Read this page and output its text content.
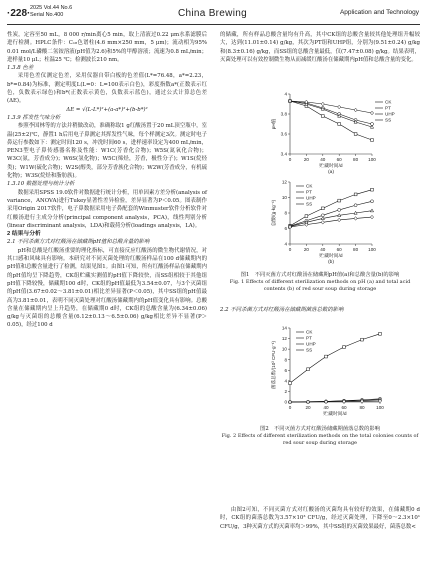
·228· 2025 Vol.44 No.6
Serial No.400	China Brewing	Application and Technology

性炭，定容至50 mL，8 000 r/min离心5 min，取上清液过0.22 μm水系滤膜后进行检测。HPLC条件：C₁₈色谱柱(4.6 mm×250 mm，5 μm)；流动相为95% 0.01 mol/L磷酸二氢铵溶液(pH值为2.6)和5%的甲醇溶液；流速为0.8 mL/min；进样量10 μL；柱温25 ℃；检测波长210 nm。

1.3.8 色差

采用色差仪测定色差，采用仪器自带白板的色差值(L*=76.48，a*=2.23，b*=0.84)为标准，测定明度L(L=0：L=100表示白色)，彩度指数a*(正数表示红色，负数表示绿色)和b*(正数表示黄色，负数表示蓝色)，通过公式计算总色差(ΔE)。

ΔE = √(L-L*)²+(a-a*)²+(b-b*)²

1.3.9 挥发性气味分析

参照李国林等的方法并稍做改动，准确称取1 g红酸汤置于20 mL顶空瓶中，室温(25±2)℃，静置1 h后用电子鼻测定其挥发性气味，每个样测定3次。测定时电子鼻运行参数如下：测定时间120 s，冲洗时间60 s，进样速率设定为400 mL/min，PEN3型电子鼻传感器名称及性能：W1C(芳香化合物)；W5S(氮氧化合物)；W3C(氨，芳香成分)；W6S(氢化物)；W5C(烯烃，芳香，极性分子)；W1S(烷烃类)；W1W(硫化合物)；W2S(醇类，部分芳香族化合物)；W2W(芳香成分，有机硫化物)；W3S(烷烃和脂肪族)。

1.3.10 数据处理与统计分析

数据采用SPSS 19.0软件对数据进行统计分析，用单因素方差分析(analysis of variance，ANOVA)进行Tukey显著性差异检验，差异显著为P＜0.05。图表制作采用Origin 2017软件，电子鼻数据采用电子鼻配套的Winmuster软件分析软件对红酸汤进行主成分分析(principal component analysis，PCA)，线性判别分析(linear discriminant analysis，LDA)和载荷分析(loadings analysis，LA)。

2 结果与分析

2.1 不同杀菌方式对红酸汤在储藏期pH值和总酸含量的影响

pH和总酸是红酸汤重要的理化指标，可直接反应红酸汤的微生物代谢情况，对其口感和风味具有影响。本研究对不同灭菌处理的红酸汤样品在100 d储藏期内的pH值和总酸含量进行了检测，结果见图1。由图1可知，所有红酸汤样品在储藏期内的pH值均呈下降趋势，CK组贮藏实测值的pH值下降较快，而SS组相较于其他组pH值下降较慢，储藏期100 d时，CK组的pH值最低为3.54±0.07，与3个灭菌组的pH值(3.67±0.02～3.81±0.01)相比差异显著(P＜0.05)，其中SS组的pH值最高为3.81±0.01，表明不同灭菌处理对红酸汤储藏期内的pH值变化具有影响。总酸含量在储藏期内呈上升趋势，在储藏期0 d时，CK组的总酸含量为(6.34±0.06) g/kg与灭菌组的总酸含量(6.12±0.13～6.5±0.06) g/kg相比差异不显著(P＞0.05)，经过100 d

的储藏，所有样品总酸含量均有升高，其中CK组的总酸含量较其他处理组升幅较大，达到(11.01±0.14) g/kg，其次为PT组和UHP组，分别为(9.51±0.24) g/kg和(8.3±0.16) g/kg，而SS组的总酸含量最低，仅(7.47±0.08) g/kg。结果表明，灭菌处理可以有效控制微生物从而减缓红酸汤在储藏期内pH值和总酸含量的变化。

3.4
3.6
3.8
4
0	20 40 60 80 100
贮藏时间/d
pH值
(a)
CK
PT
UHP
SS

4
6
8
10
12
0	20 40 60 80 100
贮藏时间/d
总酸/(g·kg⁻¹)
(b)
CK
PT
UHP
SS
图1　不同灭菌方式对红酸汤在储藏期pH值(a)和总酸含量(b)的影响
Fig. 1 Effects of different sterilization methods on pH (a) and total acid contents (b) of red sour soup during storage

2.2 不同杀菌方式对红酸汤在储藏期菌落总数的影响

0
2
4
6
8
10
12
14
0	20	40	60	80	100
贮藏时间/d
菌落总数/(10³ CFU·g⁻¹)
CK
PT
UHP
SS
图2　不同灭菌方式对红酸汤储藏期菌落总数的影响
Fig. 2 Effects of different sterilization methods on the total colonies counts of red sour soup during storage

由图2可知，不同灭菌方式对红酸汤的灭菌均具有较好的效果，在储藏期0 d时，CK组的菌落总数为3.57×10³ CFU/g，经过灭菌处理，下降至0～2.3×10¹ CFU/g，3种灭菌方式的灭菌率均＞99%，其中SS组的灭菌效果最好，菌落总数<
